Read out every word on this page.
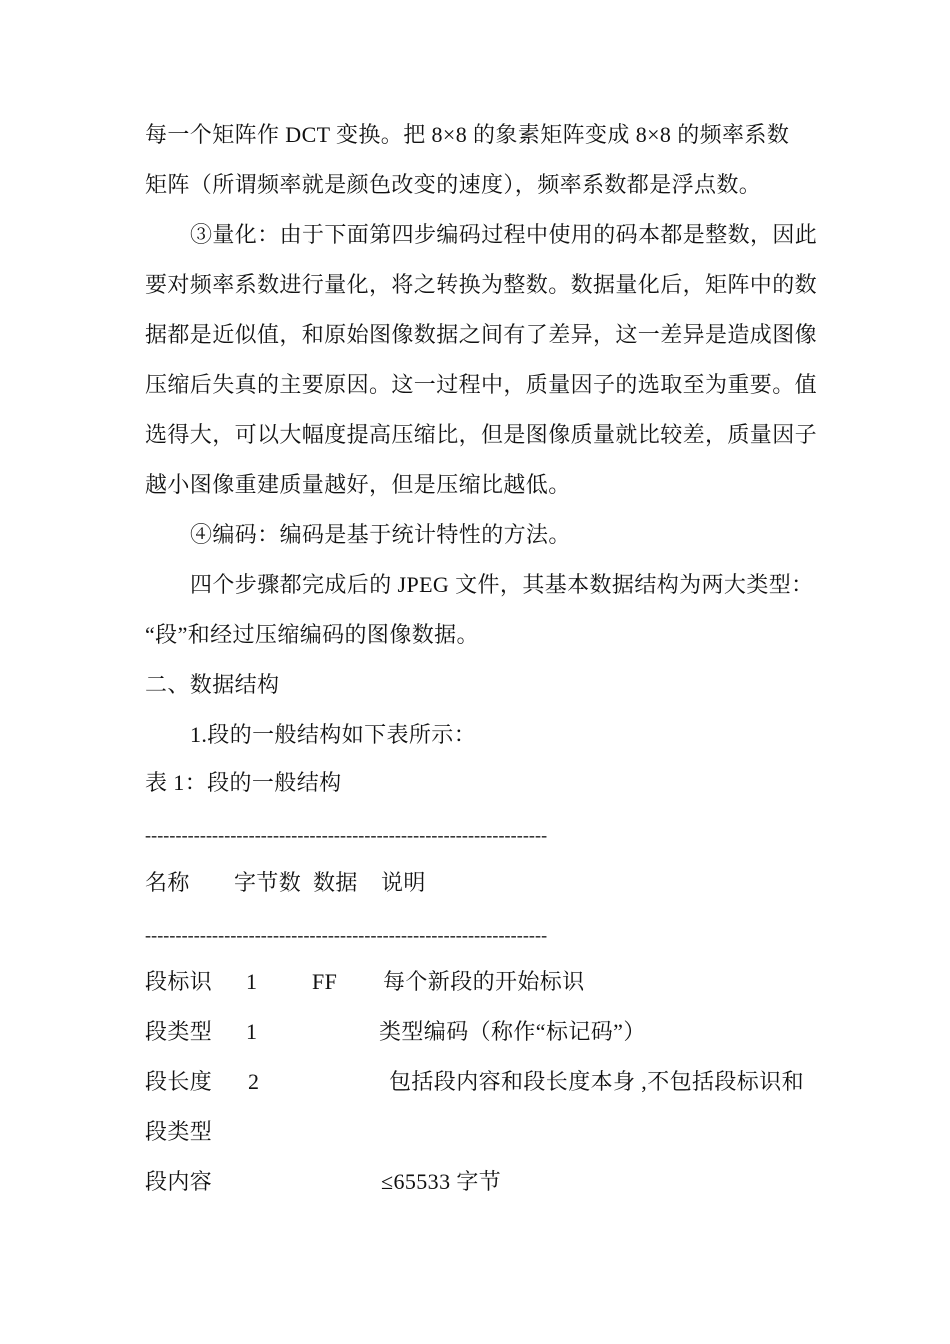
每一个矩阵作 DCT 变换。把 8×8 的象素矩阵变成 8×8 的频率系数
矩阵（所谓频率就是颜色改变的速度），频率系数都是浮点数。
③量化：由于下面第四步编码过程中使用的码本都是整数，因此
要对频率系数进行量化，将之转换为整数。数据量化后，矩阵中的数
据都是近似值，和原始图像数据之间有了差异，这一差异是造成图像
压缩后失真的主要原因。这一过程中，质量因子的选取至为重要。值
选得大，可以大幅度提高压缩比，但是图像质量就比较差，质量因子
越小图像重建质量越好，但是压缩比越低。
④编码：编码是基于统计特性的方法。
四个步骤都完成后的 JPEG 文件，其基本数据结构为两大类型：
“段”和经过压缩编码的图像数据。
二、数据结构
1.段的一般结构如下表所示：
表 1：段的一般结构
------------------------------------------------------------------
名称 字节数 数据 说明
------------------------------------------------------------------
段标识 1 FF 每个新段的开始标识
段类型 1	类型编码（称作“标记码”）
段长度 2	包括段内容和段长度本身 ,不包括段标识和
段类型
段内容	≤65533 字节
